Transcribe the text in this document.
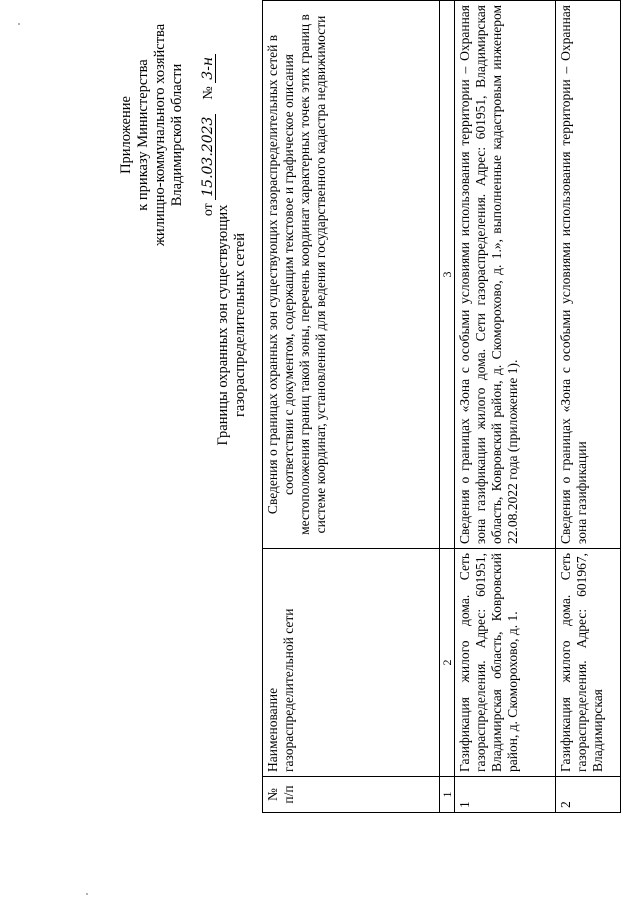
Приложение к приказу Министерства жилищно-коммунального хозяйства Владимирской области
от 15.03.2023    № 3-н
Границы охранных зон существующих газораспределительных сетей
№ п/п	Наименование газораспределительной сети	Сведения о границах охранных зон существующих газораспределительных сетей в соответствии с документом, содержащим текстовое и графическое описания местоположения границ такой зоны, перечень координат характерных точек этих границ в системе координат, установленной для ведения государственного кадастра недвижимости
1	2	3
1	Газификация жилого дома. Сеть газораспределения. Адрес: 601951, Владимирская область, Ковровский район, д. Скоморохово, д. 1.	Сведения о границах «Зона с особыми условиями использования территории – Охранная зона газификации жилого дома. Сети газораспределения. Адрес: 601951, Владимирская область, Ковровский район, д. Скоморохово, д. 1.», выполненные кадастровым инженером 22.08.2022 года (приложение 1).
2	Газификация жилого дома. Сеть газораспределения. Адрес: 601967, Владимирская	Сведения о границах «Зона с особыми условиями использования территории – Охранная зона газификации
